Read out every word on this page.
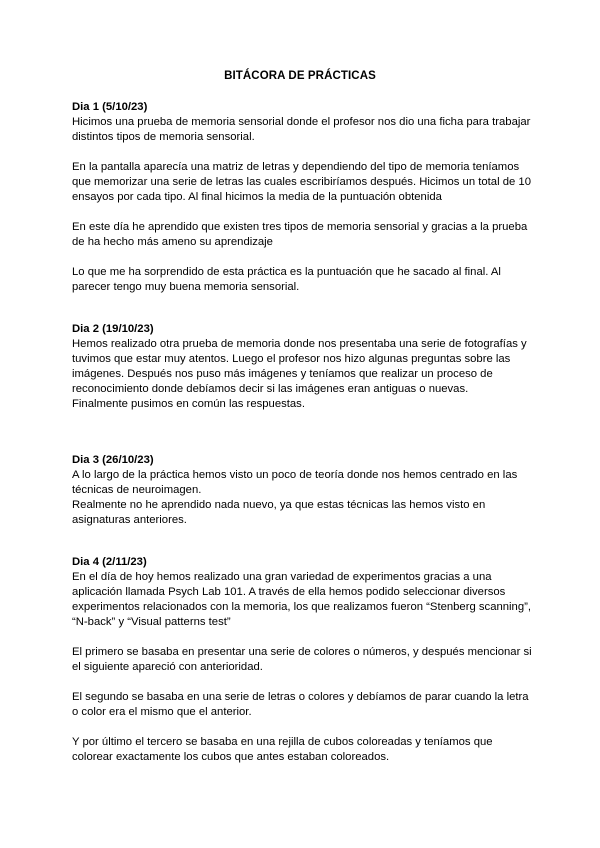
BITÁCORA DE PRÁCTICAS
Dia 1 (5/10/23)
Hicimos una prueba de memoria sensorial donde el profesor nos dio una ficha para trabajar
distintos tipos de memoria sensorial.
En la pantalla aparecía una matriz de letras y dependiendo del tipo de memoria teníamos
que memorizar una serie de letras las cuales escribiríamos después. Hicimos un total de 10
ensayos por cada tipo. Al final hicimos la media de la puntuación obtenida
En este día he aprendido que existen tres tipos de memoria sensorial y gracias a la prueba
de ha hecho más ameno su aprendizaje
Lo que me ha sorprendido de esta práctica es la puntuación que he sacado al final. Al
parecer tengo muy buena memoria sensorial.
Dia 2 (19/10/23)
Hemos realizado otra prueba de memoria donde nos presentaba una serie de fotografías y
tuvimos que estar muy atentos. Luego el profesor nos hizo algunas preguntas sobre las
imágenes. Después nos puso más imágenes y teníamos que realizar un proceso de
reconocimiento donde debíamos decir si las imágenes eran antiguas o nuevas.
Finalmente pusimos en común las respuestas.
Dia 3 (26/10/23)
A lo largo de la práctica hemos visto un poco de teoría donde nos hemos centrado en las
técnicas de neuroimagen.
Realmente no he aprendido nada nuevo, ya que estas técnicas las hemos visto en
asignaturas anteriores.
Dia 4 (2/11/23)
En el día de hoy hemos realizado una gran variedad de experimentos gracias a una
aplicación llamada Psych Lab 101. A través de ella hemos podido seleccionar diversos
experimentos relacionados con la memoria, los que realizamos fueron “Stenberg scanning”,
“N-back” y “Visual patterns test”
El primero se basaba en presentar una serie de colores o números, y después mencionar si
el siguiente apareció con anterioridad.
El segundo se basaba en una serie de letras o colores y debíamos de parar cuando la letra
o color era el mismo que el anterior.
Y por último el tercero se basaba en una rejilla de cubos coloreadas y teníamos que
colorear exactamente los cubos que antes estaban coloreados.
